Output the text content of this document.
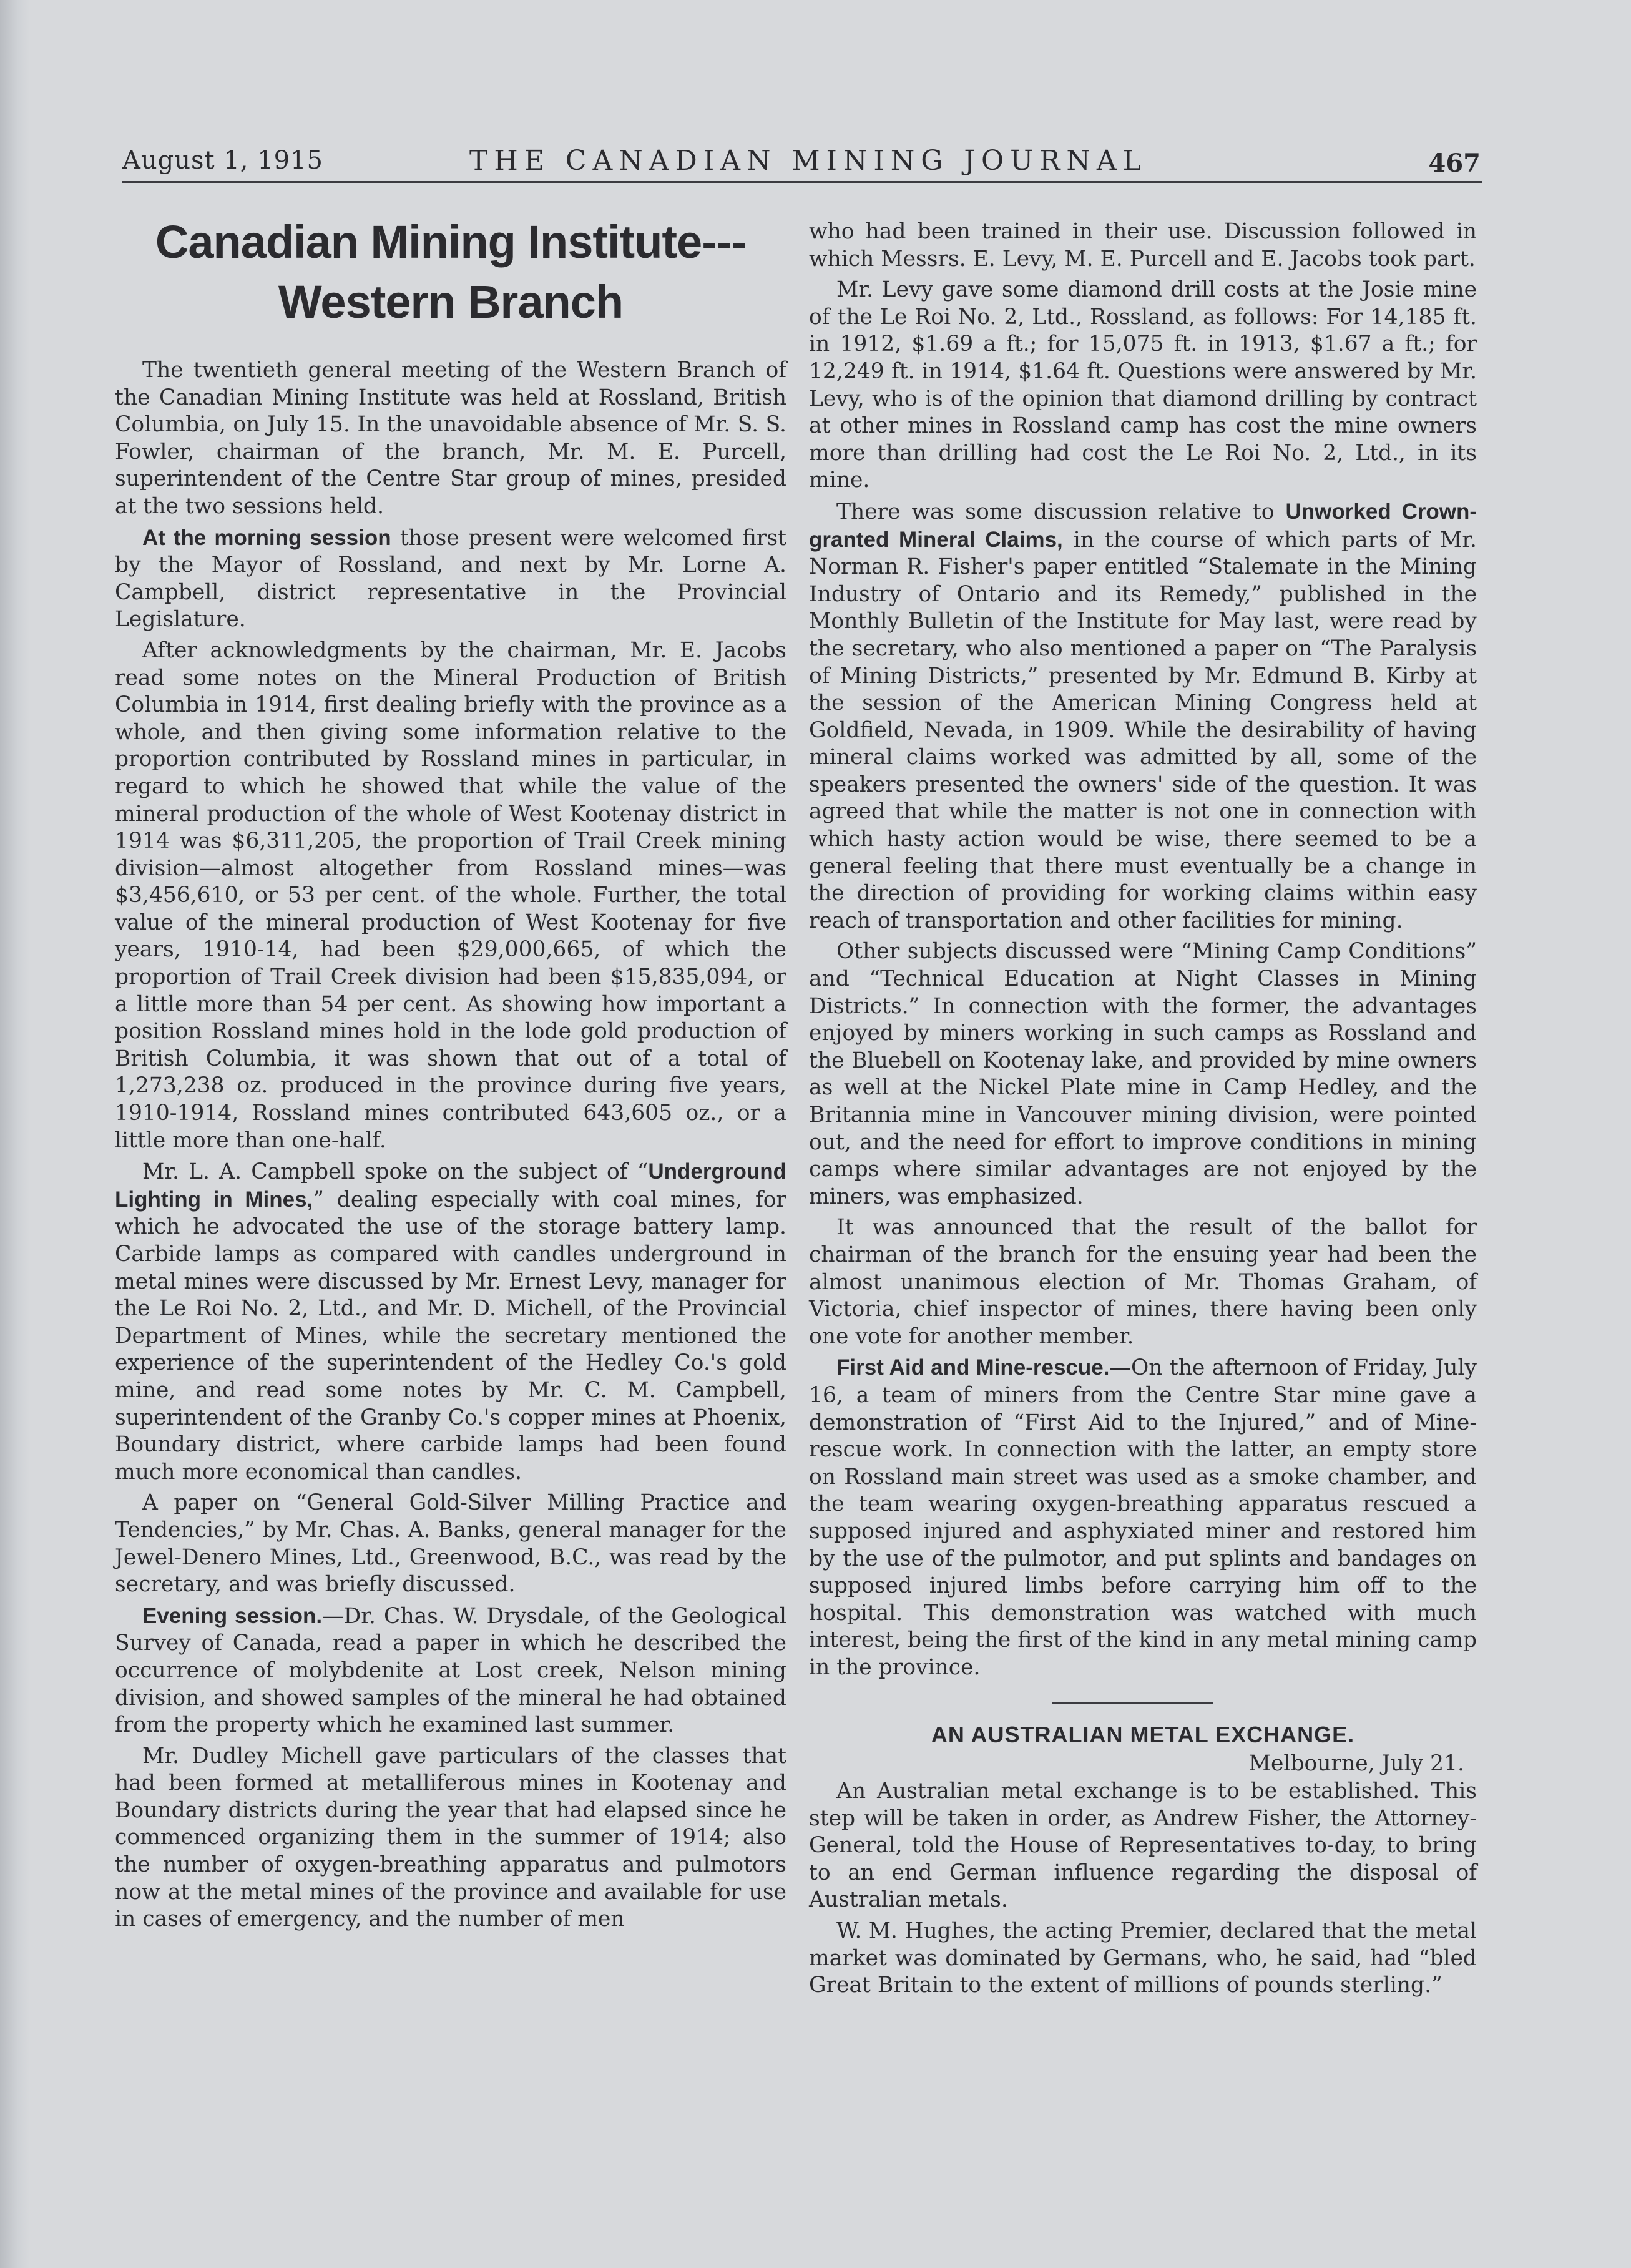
August 1, 1915	THE CANADIAN MINING JOURNAL	467
Canadian Mining Institute---
Western Branch

The twentieth general meeting of the Western Branch of the Canadian Mining Institute was held at Rossland, British Columbia, on July 15. In the unavoidable absence of Mr. S. S. Fowler, chairman of the branch, Mr. M. E. Purcell, superintendent of the Centre Star group of mines, presided at the two sessions held.

At the morning session those present were welcomed first by the Mayor of Rossland, and next by Mr. Lorne A. Campbell, district representative in the Provincial Legislature.

After acknowledgments by the chairman, Mr. E. Jacobs read some notes on the Mineral Production of British Columbia in 1914, first dealing briefly with the province as a whole, and then giving some information relative to the proportion contributed by Rossland mines in particular, in regard to which he showed that while the value of the mineral production of the whole of West Kootenay district in 1914 was $6,311,205, the proportion of Trail Creek mining division—almost altogether from Rossland mines—was $3,456,610, or 53 per cent. of the whole. Further, the total value of the mineral production of West Kootenay for five years, 1910-14, had been $29,000,665, of which the proportion of Trail Creek division had been $15,835,094, or a little more than 54 per cent. As showing how important a position Rossland mines hold in the lode gold production of British Columbia, it was shown that out of a total of 1,273,238 oz. produced in the province during five years, 1910-1914, Rossland mines contributed 643,605 oz., or a little more than one-half.

Mr. L. A. Campbell spoke on the subject of “Underground Lighting in Mines,” dealing especially with coal mines, for which he advocated the use of the storage battery lamp. Carbide lamps as compared with candles underground in metal mines were discussed by Mr. Ernest Levy, manager for the Le Roi No. 2, Ltd., and Mr. D. Michell, of the Provincial Department of Mines, while the secretary mentioned the experience of the superintendent of the Hedley Co.'s gold mine, and read some notes by Mr. C. M. Campbell, superintendent of the Granby Co.'s copper mines at Phoenix, Boundary district, where carbide lamps had been found much more economical than candles.

A paper on “General Gold-Silver Milling Practice and Tendencies,” by Mr. Chas. A. Banks, general manager for the Jewel-Denero Mines, Ltd., Greenwood, B.C., was read by the secretary, and was briefly discussed.

Evening session.—Dr. Chas. W. Drysdale, of the Geological Survey of Canada, read a paper in which he described the occurrence of molybdenite at Lost creek, Nelson mining division, and showed samples of the mineral he had obtained from the property which he examined last summer.

Mr. Dudley Michell gave particulars of the classes that had been formed at metalliferous mines in Kootenay and Boundary districts during the year that had elapsed since he commenced organizing them in the summer of 1914; also the number of oxygen-breathing apparatus and pulmotors now at the metal mines of the province and available for use in cases of emergency, and the number of men

who had been trained in their use. Discussion followed in which Messrs. E. Levy, M. E. Purcell and E. Jacobs took part.

Mr. Levy gave some diamond drill costs at the Josie mine of the Le Roi No. 2, Ltd., Rossland, as follows: For 14,185 ft. in 1912, $1.69 a ft.; for 15,075 ft. in 1913, $1.67 a ft.; for 12,249 ft. in 1914, $1.64 ft. Questions were answered by Mr. Levy, who is of the opinion that diamond drilling by contract at other mines in Rossland camp has cost the mine owners more than drilling had cost the Le Roi No. 2, Ltd., in its mine.

There was some discussion relative to Unworked Crown-granted Mineral Claims, in the course of which parts of Mr. Norman R. Fisher's paper entitled “Stalemate in the Mining Industry of Ontario and its Remedy,” published in the Monthly Bulletin of the Institute for May last, were read by the secretary, who also mentioned a paper on “The Paralysis of Mining Districts,” presented by Mr. Edmund B. Kirby at the session of the American Mining Congress held at Goldfield, Nevada, in 1909. While the desirability of having mineral claims worked was admitted by all, some of the speakers presented the owners' side of the question. It was agreed that while the matter is not one in connection with which hasty action would be wise, there seemed to be a general feeling that there must eventually be a change in the direction of providing for working claims within easy reach of transportation and other facilities for mining.

Other subjects discussed were “Mining Camp Conditions” and “Technical Education at Night Classes in Mining Districts.” In connection with the former, the advantages enjoyed by miners working in such camps as Rossland and the Bluebell on Kootenay lake, and provided by mine owners as well at the Nickel Plate mine in Camp Hedley, and the Britannia mine in Vancouver mining division, were pointed out, and the need for effort to improve conditions in mining camps where similar advantages are not enjoyed by the miners, was emphasized.

It was announced that the result of the ballot for chairman of the branch for the ensuing year had been the almost unanimous election of Mr. Thomas Graham, of Victoria, chief inspector of mines, there having been only one vote for another member.

First Aid and Mine-rescue.—On the afternoon of Friday, July 16, a team of miners from the Centre Star mine gave a demonstration of “First Aid to the Injured,” and of Mine-rescue work. In connection with the latter, an empty store on Rossland main street was used as a smoke chamber, and the team wearing oxygen-breathing apparatus rescued a supposed injured and asphyxiated miner and restored him by the use of the pulmotor, and put splints and bandages on supposed injured limbs before carrying him off to the hospital. This demonstration was watched with much interest, being the first of the kind in any metal mining camp in the province.

AN AUSTRALIAN METAL EXCHANGE.
Melbourne, July 21.

An Australian metal exchange is to be established. This step will be taken in order, as Andrew Fisher, the Attorney-General, told the House of Representatives to-day, to bring to an end German influence regarding the disposal of Australian metals.

W. M. Hughes, the acting Premier, declared that the metal market was dominated by Germans, who, he said, had “bled Great Britain to the extent of millions of pounds sterling.”
